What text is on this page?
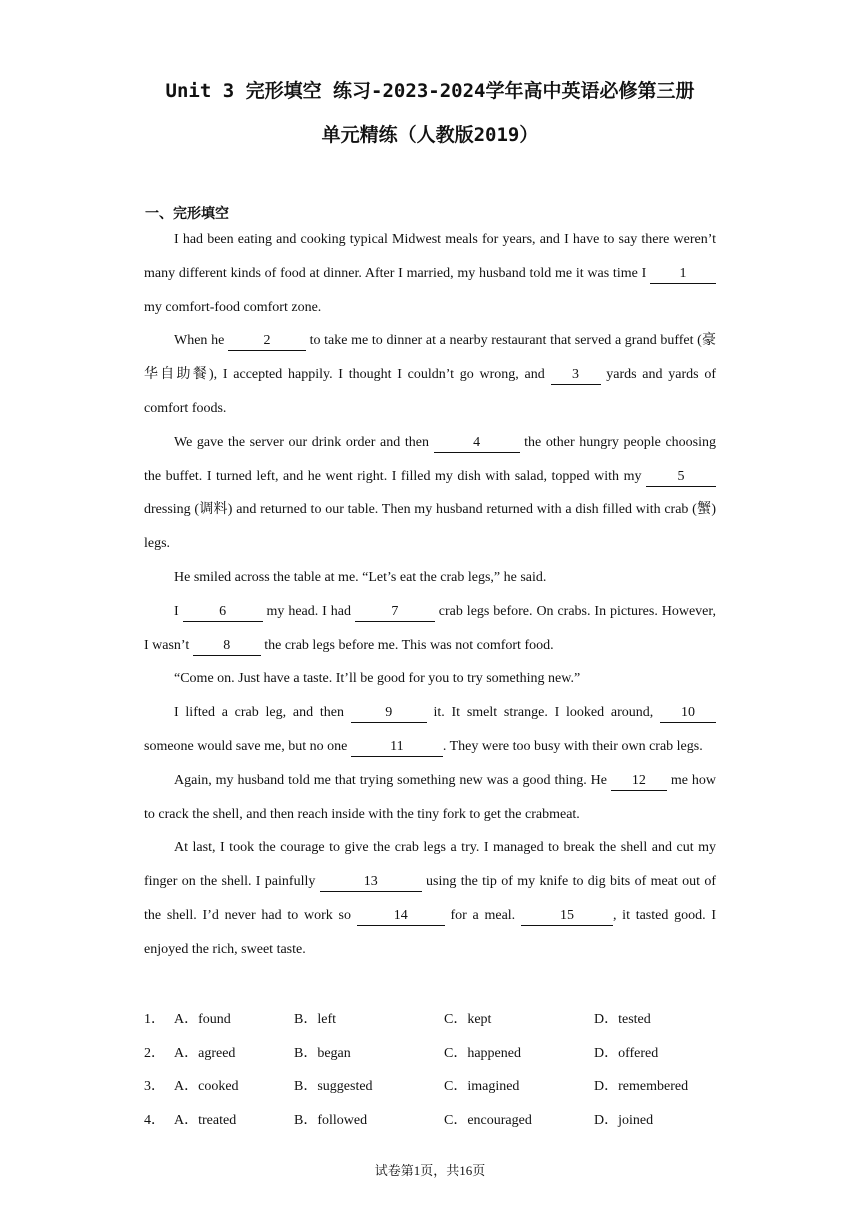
Unit 3 完形填空 练习-2023-2024学年高中英语必修第三册
单元精练（人教版2019）
一、完形填空

I had been eating and cooking typical Midwest meals for years, and I have to say there weren’t many different kinds of food at dinner. After I married, my husband told me it was time I 1 my comfort-food comfort zone.

When he	2	to take me to dinner at a nearby restaurant that served a grand buffet (豪华自助餐), I accepted happily. I thought I couldn’t go wrong, and 3 yards and yards of comfort foods.

We gave the server our drink order and then	4	the other hungry people choosing the buffet. I turned left, and he went right. I filled my dish with salad, topped with my 5 dressing (调料) and returned to our table. Then my husband returned with a dish filled with crab (蟹) legs.

He smiled across the table at me. “Let’s eat the crab legs,” he said.

I	6	my head. I had	7	crab legs before. On crabs. In pictures. However, I wasn’t 8 the crab legs before me. This was not comfort food.

“Come on. Just have a taste. It’ll be good for you to try something new.”

I lifted a crab leg, and then 9 it. It smelt strange. I looked around, 10 someone would save me, but no one	11	. They were too busy with their own crab legs.

Again, my husband told me that trying something new was a good thing. He 12 me how to crack the shell, and then reach inside with the tiny fork to get the crabmeat.

At last, I took the courage to give the crab legs a try. I managed to break the shell and cut my finger on the shell. I painfully	13	using the tip of my knife to dig bits of meat out of the shell. I’d never had to work so	14	for a meal.	15	, it tasted good. I enjoyed the rich, sweet taste.

1． A．found	B．left	C．kept	D．tested
2． A．agreed	B．began	C．happened	D．offered
3． A．cooked	B．suggested	C．imagined	D．remembered
4． A．treated	B．followed	C．encouraged	D．joined
试卷第1页，共16页
